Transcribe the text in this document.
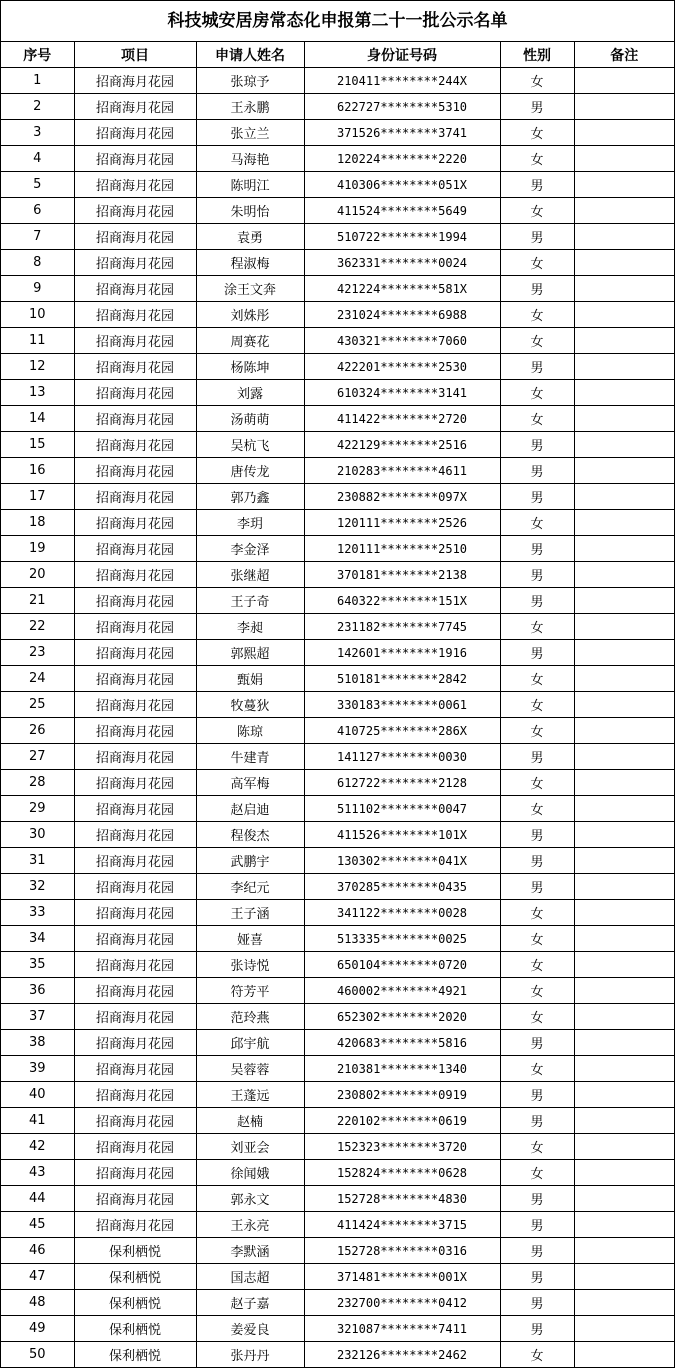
科技城安居房常态化申报第二十一批公示名单
序号	项目	申请人姓名	身份证号码	性别	备注
1	招商海月花园	张琼予	210411********244X	女	
2	招商海月花园	王永鹏	622727********5310	男	
3	招商海月花园	张立兰	371526********3741	女	
4	招商海月花园	马海艳	120224********2220	女	
5	招商海月花园	陈明江	410306********051X	男	
6	招商海月花园	朱明怡	411524********5649	女	
7	招商海月花园	袁勇	510722********1994	男	
8	招商海月花园	程淑梅	362331********0024	女	
9	招商海月花园	涂王文奔	421224********581X	男	
10	招商海月花园	刘姝彤	231024********6988	女	
11	招商海月花园	周赛花	430321********7060	女	
12	招商海月花园	杨陈坤	422201********2530	男	
13	招商海月花园	刘露	610324********3141	女	
14	招商海月花园	汤萌萌	411422********2720	女	
15	招商海月花园	吴杭飞	422129********2516	男	
16	招商海月花园	唐传龙	210283********4611	男	
17	招商海月花园	郭乃鑫	230882********097X	男	
18	招商海月花园	李玥	120111********2526	女	
19	招商海月花园	李金泽	120111********2510	男	
20	招商海月花园	张继超	370181********2138	男	
21	招商海月花园	王子奇	640322********151X	男	
22	招商海月花园	李昶	231182********7745	女	
23	招商海月花园	郭熙超	142601********1916	男	
24	招商海月花园	甄娟	510181********2842	女	
25	招商海月花园	牧蔓狄	330183********0061	女	
26	招商海月花园	陈琼	410725********286X	女	
27	招商海月花园	牛建青	141127********0030	男	
28	招商海月花园	高军梅	612722********2128	女	
29	招商海月花园	赵启迪	511102********0047	女	
30	招商海月花园	程俊杰	411526********101X	男	
31	招商海月花园	武鹏宇	130302********041X	男	
32	招商海月花园	李纪元	370285********0435	男	
33	招商海月花园	王子涵	341122********0028	女	
34	招商海月花园	娅喜	513335********0025	女	
35	招商海月花园	张诗悦	650104********0720	女	
36	招商海月花园	符芳平	460002********4921	女	
37	招商海月花园	范玲燕	652302********2020	女	
38	招商海月花园	邱宇航	420683********5816	男	
39	招商海月花园	吴蓉蓉	210381********1340	女	
40	招商海月花园	王蓬远	230802********0919	男	
41	招商海月花园	赵楠	220102********0619	男	
42	招商海月花园	刘亚会	152323********3720	女	
43	招商海月花园	徐闻娥	152824********0628	女	
44	招商海月花园	郭永文	152728********4830	男	
45	招商海月花园	王永亮	411424********3715	男	
46	保利栖悦	李默涵	152728********0316	男	
47	保利栖悦	国志超	371481********001X	男	
48	保利栖悦	赵子嘉	232700********0412	男	
49	保利栖悦	姜爱良	321087********7411	男	
50	保利栖悦	张丹丹	232126********2462	女	
